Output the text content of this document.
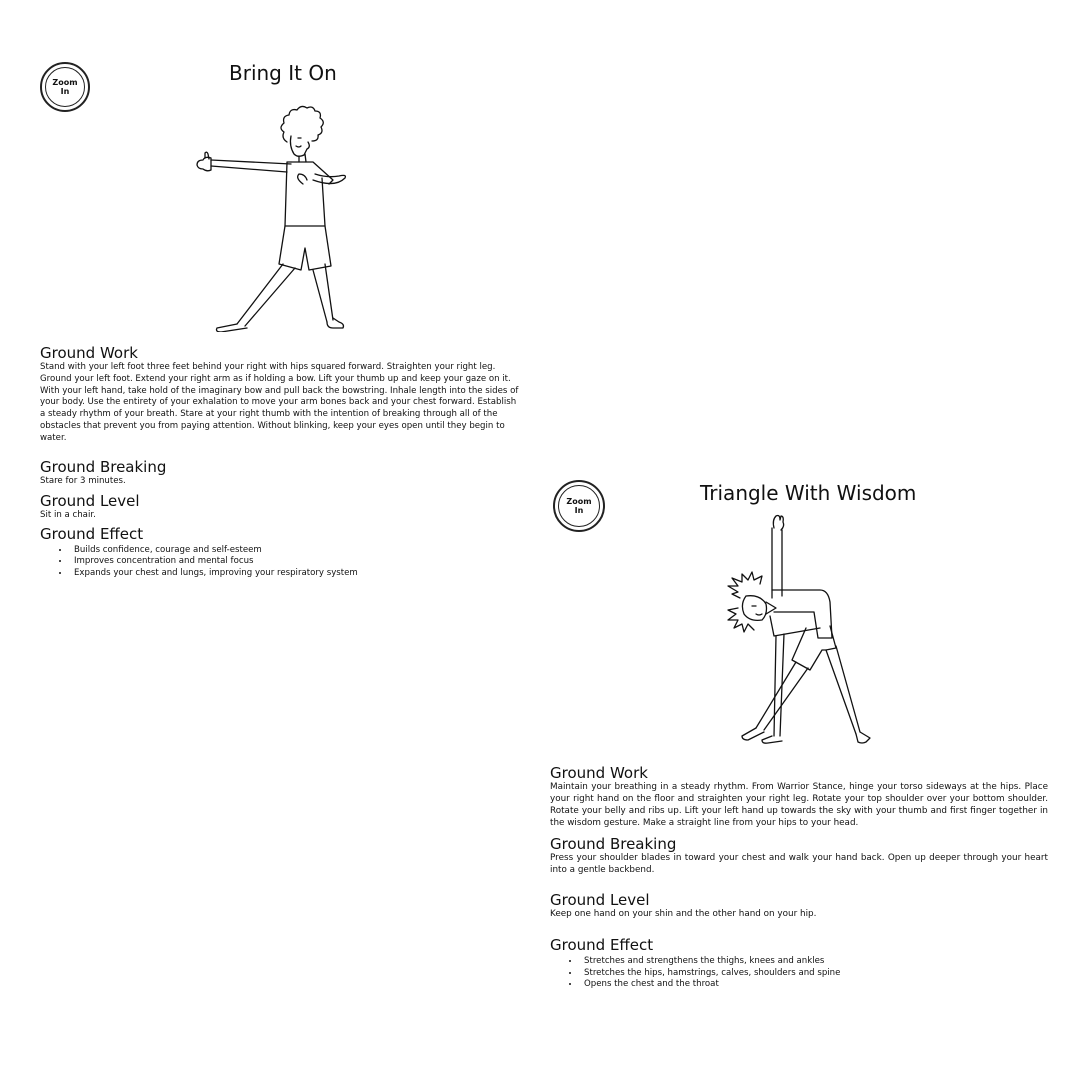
Zoom
In
Bring It On
Ground Work

Stand with your left foot three feet behind your right with hips squared forward. Straighten your right leg. Ground your left foot. Extend your right arm as if holding a bow. Lift your thumb up and keep your gaze on it. With your left hand, take hold of the imaginary bow and pull back the bowstring. Inhale length into the sides of your body. Use the entirety of your exhalation to move your arm bones back and your chest forward. Establish a steady rhythm of your breath. Stare at your right thumb with the intention of breaking through all of the obstacles that prevent you from paying attention. Without blinking, keep your eyes open until they begin to water.

Ground Breaking

Stare for 3 minutes.

Ground Level

Sit in a chair.

Ground Effect
• Builds confidence, courage and self-esteem
• Improves concentration and mental focus
• Expands your chest and lungs, improving your respiratory system
Zoom
In
Triangle With Wisdom
Ground Work

Maintain your breathing in a steady rhythm. From Warrior Stance, hinge your torso sideways at the hips. Place your right hand on the floor and straighten your right leg. Rotate your top shoulder over your bottom shoulder. Rotate your belly and ribs up. Lift your left hand up towards the sky with your thumb and first finger together in the wisdom gesture. Make a straight line from your hips to your head.

Ground Breaking

Press your shoulder blades in toward your chest and walk your hand back. Open up deeper through your heart into a gentle backbend.

Ground Level

Keep one hand on your shin and the other hand on your hip.

Ground Effect
• Stretches and strengthens the thighs, knees and ankles
• Stretches the hips, hamstrings, calves, shoulders and spine
• Opens the chest and the throat
